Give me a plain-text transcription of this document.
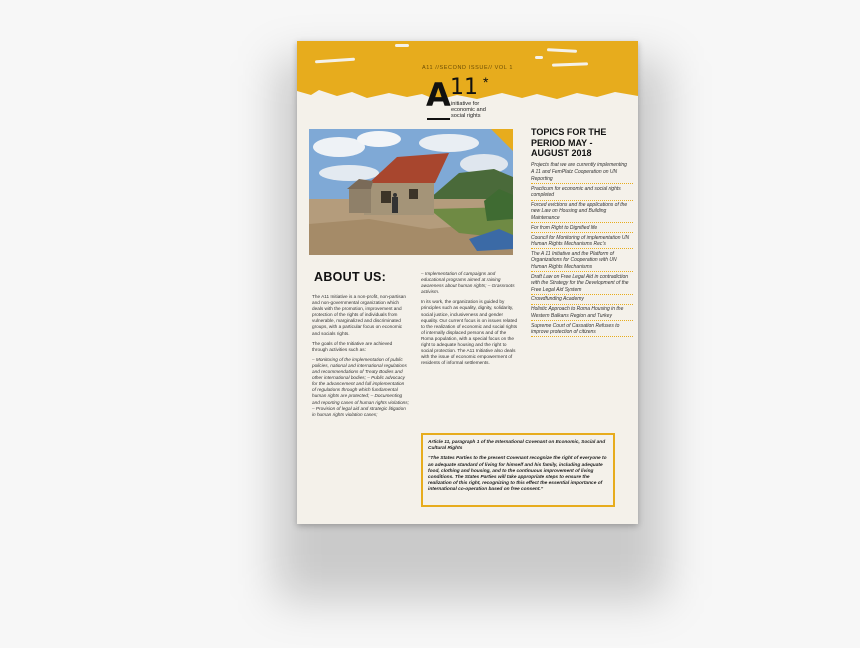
A11 //SECOND ISSUE// VOL 1
A 11 *
initiative for
economic and
social rights
ABOUT US:

The A11 Initiative is a non-profit, non-partisan and non-governmental organization which deals with the promotion, improvement and protection of the rights of individuals from vulnerable, marginalized and discriminated groups, with a particular focus on economic and socials rights.

The goals of the Initiative are achieved through activities such as:

– Monitoring of the implementation of public policies, national and international regulations and recommendations of Treaty Bodies and other international bodies; – Public advocacy for the advancement and full implementation of regulations through which fundamental human rights are protected; – Documenting and reporting cases of human rights violations; – Provision of legal aid and strategic litigation in human rights violation cases;

– Implementation of campaigns and educational programs aimed at raising awareness about human rights; – Grassroots activism.

In its work, the organization is guided by principles such as equality, dignity, solidarity, social justice, inclusiveness and gender equality. Our current focus is on issues related to the realization of economic and social rights of internally displaced persons and of the Roma population, with a special focus on the right to adequate housing and the right to social protection. The A11 Initiative also deals with the issue of economic empowerment of residents of informal settlements.

TOPICS FOR THE PERIOD MAY - AUGUST 2018
Projects that we are currently implementing
A 11 and FemPlatz Cooperation on UN Reporting
Practicum for economic and social rights completed
Forced evictions and the applications of the new Law on Housing and Building Maintenance
For from Right to Dignified life
Council for Monitoring of implementation UN Human Rights Mechanisms Rec's
The A 11 Initiative and the Platform of Organizations for Cooperation with UN Human Rights Mechanisms
Draft Law on Free Legal Aid in contradiction with the Strategy for the Development of the Free Legal Aid System
Crowdfunding Academy
Holistic Approach to Roma Housing in the Western Balkans Region and Turkey
Supreme Court of Cassation Refuses to improve protection of citizens

Article 11, paragraph 1 of the International Covenant on Economic, Social and Cultural Rights

“The States Parties to the present Covenant recognize the right of everyone to an adequate standard of living for himself and his family, including adequate food, clothing and housing, and to the continuous improvement of living conditions. The States Parties will take appropriate steps to ensure the realization of this right, recognizing to this effect the essential importance of international co-operation based on free consent.”
